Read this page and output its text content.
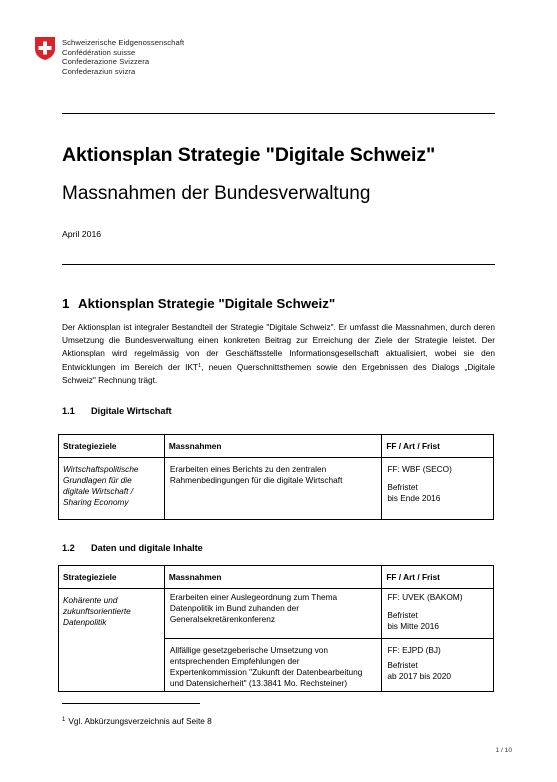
Schweizerische Eidgenossenschaft
Confédération suisse
Confederazione Svizzera
Confederaziun svizra
Aktionsplan Strategie "Digitale Schweiz"
Massnahmen der Bundesverwaltung
April 2016
1 Aktionsplan Strategie "Digitale Schweiz"

Der Aktionsplan ist integraler Bestandteil der Strategie "Digitale Schweiz". Er umfasst die Massnahmen, durch deren Umsetzung die Bundesverwaltung einen konkreten Beitrag zur Erreichung der Ziele der Strategie leistet. Der Aktionsplan wird regelmässig von der Geschäftsstelle Informationsgesellschaft aktualisiert, wobei sie den Entwicklungen im Bereich der IKT$^1$, neuen Querschnittsthemen sowie den Ergebnissen des Dialogs „Digitale Schweiz" Rechnung trägt.

1.1 Digitale Wirtschaft
Strategieziele	Massnahmen	FF / Art / Frist
Wirtschaftspolitische Grundlagen für die digitale Wirtschaft / Sharing Economy	Erarbeiten eines Berichts zu den zentralen Rahmenbedingungen für die digitale Wirtschaft	FF: WBF (SECO)
Befristet
bis Ende 2016
1.2 Daten und digitale Inhalte
Strategieziele	Massnahmen	FF / Art / Frist
Kohärente und zukunftsorientierte Datenpolitik	Erarbeiten einer Auslegeordnung zum Thema Datenpolitik im Bund zuhanden der Generalsekretärenkonferenz	FF: UVEK (BAKOM)
Befristet
bis Mitte 2016

	Allfällige gesetzgeberische Umsetzung von entsprechenden Empfehlungen der Expertenkommission "Zukunft der Datenbearbeitung und Datensicherheit" (13.3841 Mo. Rechsteiner)	FF: EJPD (BJ)
Befristet
ab 2017 bis 2020
$^1$ Vgl. Abkürzungsverzeichnis auf Seite 8
1 / 10
